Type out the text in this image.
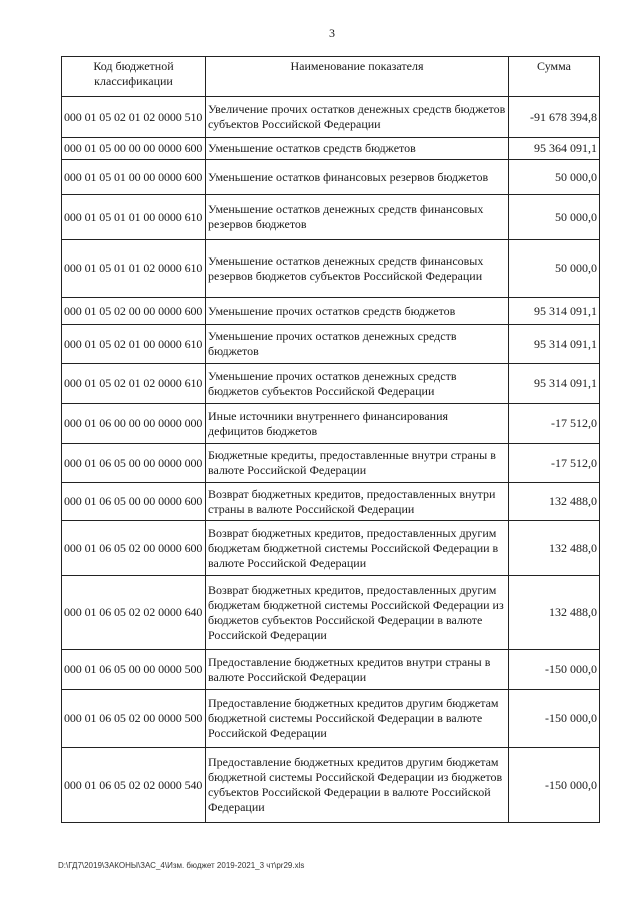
3
Код бюджетной классификации	Наименование показателя	Сумма
000 01 05 02 01 02 0000 510	Увеличение прочих остатков денежных средств бюджетов субъектов Российской Федерации	-91 678 394,8
000 01 05 00 00 00 0000 600	Уменьшение остатков средств бюджетов	95 364 091,1
000 01 05 01 00 00 0000 600	Уменьшение остатков финансовых резервов бюджетов	50 000,0
000 01 05 01 01 00 0000 610	Уменьшение остатков денежных средств финансовых резервов бюджетов	50 000,0
000 01 05 01 01 02 0000 610	Уменьшение остатков денежных средств финансовых резервов бюджетов субъектов Российской Федерации	50 000,0
000 01 05 02 00 00 0000 600	Уменьшение прочих остатков средств бюджетов	95 314 091,1
000 01 05 02 01 00 0000 610	Уменьшение прочих остатков денежных средств бюджетов	95 314 091,1
000 01 05 02 01 02 0000 610	Уменьшение прочих остатков денежных средств бюджетов субъектов Российской Федерации	95 314 091,1
000 01 06 00 00 00 0000 000	Иные источники внутреннего финансирования дефицитов бюджетов	-17 512,0
000 01 06 05 00 00 0000 000	Бюджетные кредиты, предоставленные внутри страны в валюте Российской Федерации	-17 512,0
000 01 06 05 00 00 0000 600	Возврат бюджетных кредитов, предоставленных внутри страны в валюте Российской Федерации	132 488,0
000 01 06 05 02 00 0000 600	Возврат бюджетных кредитов, предоставленных другим бюджетам бюджетной системы Российской Федерации в валюте Российской Федерации	132 488,0
000 01 06 05 02 02 0000 640	Возврат бюджетных кредитов, предоставленных другим бюджетам бюджетной системы Российской Федерации из бюджетов субъектов Российской Федерации в валюте Российской Федерации	132 488,0
000 01 06 05 00 00 0000 500	Предоставление бюджетных кредитов внутри страны в валюте Российской Федерации	-150 000,0
000 01 06 05 02 00 0000 500	Предоставление бюджетных кредитов другим бюджетам бюджетной системы Российской Федерации в валюте Российской Федерации	-150 000,0
000 01 06 05 02 02 0000 540	Предоставление бюджетных кредитов другим бюджетам бюджетной системы Российской Федерации из бюджетов субъектов Российской Федерации в валюте Российской Федерации	-150 000,0
D:\ГД7\2019\ЗАКОНЫ\ЗАС_4\Изм. бюджет 2019-2021_3 чт\pr29.xls
